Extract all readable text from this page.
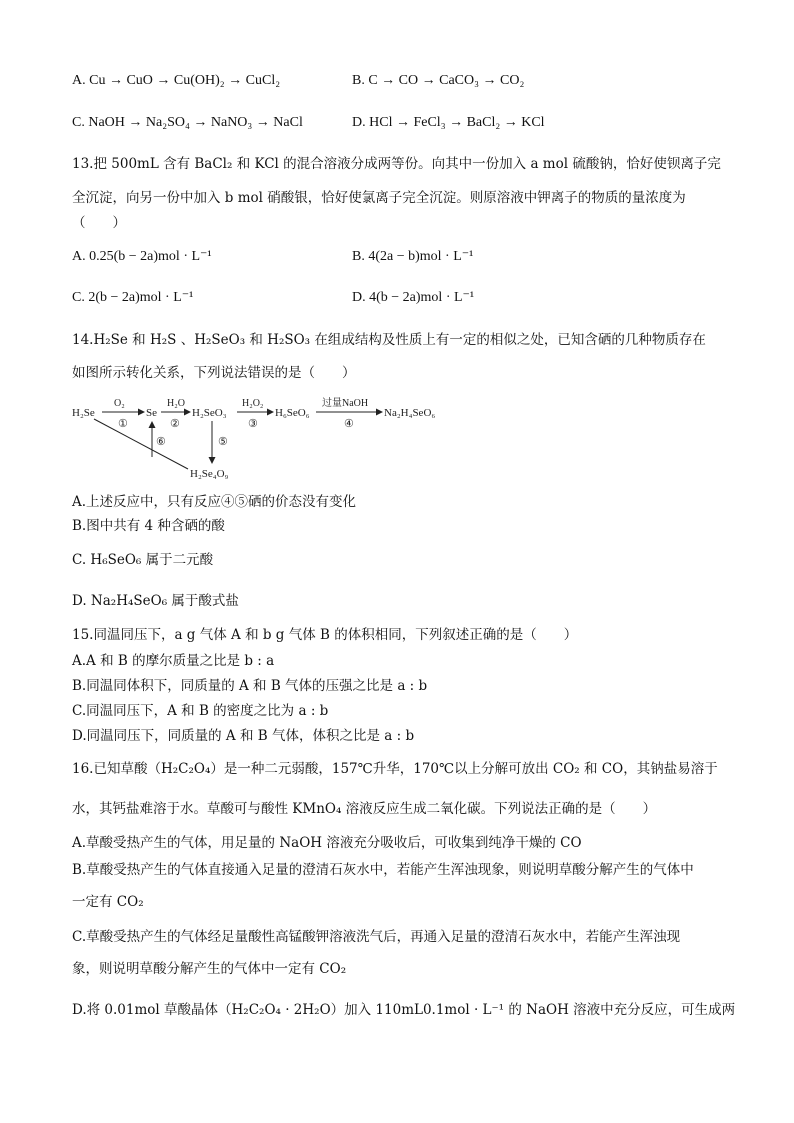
A. Cu → CuO → Cu(OH)₂ → CuCl₂	B. C → CO → CaCO₃ → CO₂
C. NaOH → Na₂SO₄ → NaNO₃ → NaCl	D. HCl → FeCl₃ → BaCl₂ → KCl
13.把 500mL 含有 BaCl₂ 和 KCl 的混合溶液分成两等份。向其中一份加入 a mol 硫酸钠，恰好使钡离子完
全沉淀，向另一份中加入 b mol 硝酸银，恰好使氯离子完全沉淀。则原溶液中钾离子的物质的量浓度为
（　　）
A. 0.25(b − 2a)mol · L⁻¹	B. 4(2a − b)mol · L⁻¹
C. 2(b − 2a)mol · L⁻¹	D. 4(b − 2a)mol · L⁻¹
14.H₂Se 和 H₂S 、H₂SeO₃ 和 H₂SO₃ 在组成结构及性质上有一定的相似之处，已知含硒的几种物质存在
如图所示转化关系，下列说法错误的是（　　）
H₂Se	Se	H₂SeO₃	H₆SeO₆	Na₂H₄SeO₆
H₂Se₄O₉
O₂	H₂O	H₂O₂	过量NaOH
①	②	③	④
⑤
⑥
A.上述反应中，只有反应④⑤硒的价态没有变化
B.图中共有 4 种含硒的酸
C. H₆SeO₆ 属于二元酸
D. Na₂H₄SeO₆ 属于酸式盐
15.同温同压下，a g 气体 A 和 b g 气体 B 的体积相同，下列叙述正确的是（　　）
A.A 和 B 的摩尔质量之比是 b : a
B.同温同体积下，同质量的 A 和 B 气体的压强之比是 a : b
C.同温同压下，A 和 B 的密度之比为 a : b
D.同温同压下，同质量的 A 和 B 气体，体积之比是 a : b
16.已知草酸（H₂C₂O₄）是一种二元弱酸，157℃升华，170℃以上分解可放出 CO₂ 和 CO，其钠盐易溶于
水，其钙盐难溶于水。草酸可与酸性 KMnO₄ 溶液反应生成二氧化碳。下列说法正确的是（　　）
A.草酸受热产生的气体，用足量的 NaOH 溶液充分吸收后，可收集到纯净干燥的 CO
B.草酸受热产生的气体直接通入足量的澄清石灰水中，若能产生浑浊现象，则说明草酸分解产生的气体中
一定有 CO₂
C.草酸受热产生的气体经足量酸性高锰酸钾溶液洗气后，再通入足量的澄清石灰水中，若能产生浑浊现
象，则说明草酸分解产生的气体中一定有 CO₂
D.将 0.01mol 草酸晶体（H₂C₂O₄ · 2H₂O）加入 110mL0.1mol · L⁻¹ 的 NaOH 溶液中充分反应，可生成两
